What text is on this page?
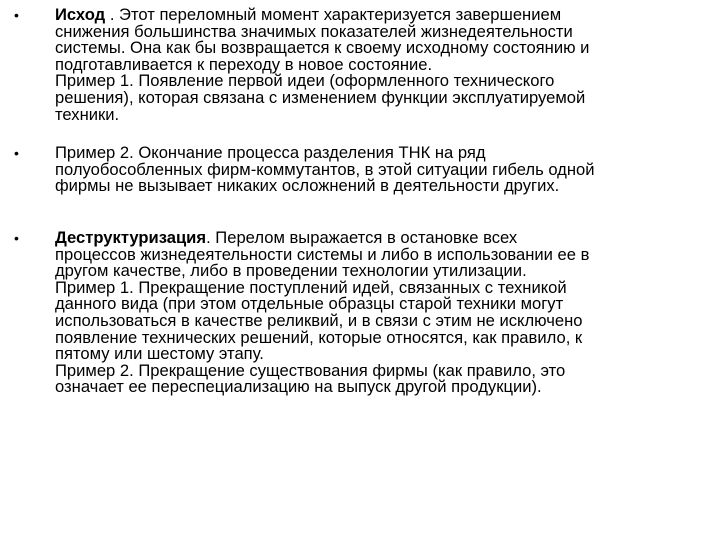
• Исход . Этот переломный момент характеризуется завершением
снижения большинства значимых показателей жизнедеятельности
системы. Она как бы возвращается к своему исходному состоянию и
подготавливается к переходу в новое состояние.
Пример 1. Появление первой идеи (оформленного технического
решения), которая связана с изменением функции эксплуатируемой
техники.
• Пример 2. Окончание процесса разделения ТНК на ряд
полуобособленных фирм-коммутантов, в этой ситуации гибель одной
фирмы не вызывает никаких осложнений в деятельности других.
• Деструктуризация. Перелом выражается в остановке всех
процессов жизнедеятельности системы и либо в использовании ее в
другом качестве, либо в проведении технологии утилизации.
Пример 1. Прекращение поступлений идей, связанных с техникой
данного вида (при этом отдельные образцы старой техники могут
использоваться в качестве реликвий, и в связи с этим не исключено
появление технических решений, которые относятся, как правило, к
пятому или шестому этапу.
Пример 2. Прекращение существования фирмы (как правило, это
означает ее переспециализацию на выпуск другой продукции).
